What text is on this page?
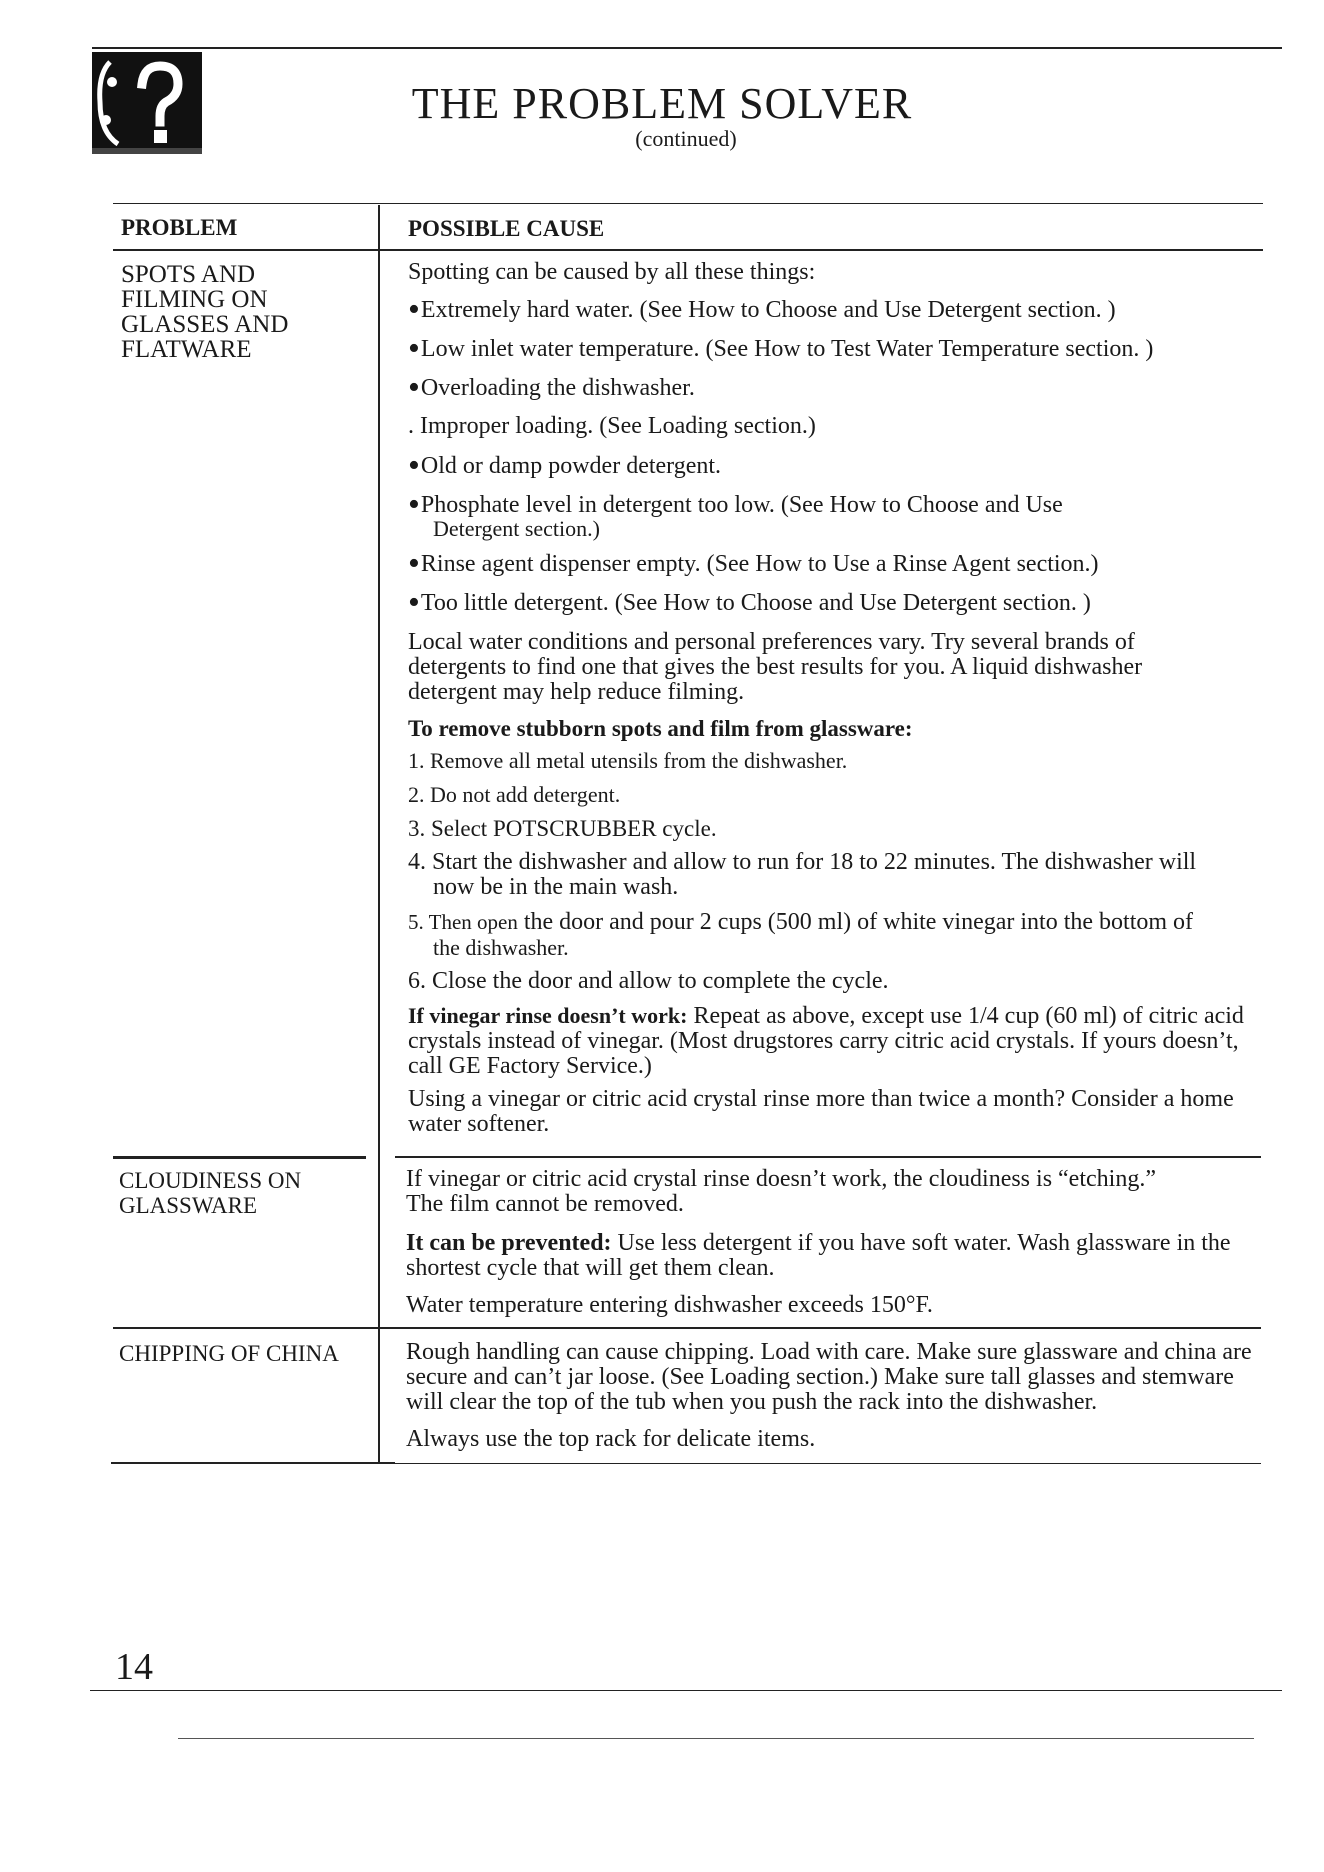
THE PROBLEM SOLVER
(continued)
PROBLEM	POSSIBLE CAUSE
SPOTS AND
FILMING ON
GLASSES AND
FLATWARE

Spotting can be caused by all these things:

•Extremely hard water. (See How to Choose and Use Detergent section. )

•Low inlet water temperature. (See How to Test Water Temperature section. )

•Overloading the dishwasher.

. Improper loading. (See Loading section.)

•Old or damp powder detergent.

•Phosphate level in detergent too low. (See How to Choose and Use

Detergent section.)

•Rinse agent dispenser empty. (See How to Use a Rinse Agent section.)

•Too little detergent. (See How to Choose and Use Detergent section. )

Local water conditions and personal preferences vary. Try several brands of detergents to find one that gives the best results for you. A liquid dishwasher detergent may help reduce filming.

To remove stubborn spots and film from glassware:

1. Remove all metal utensils from the dishwasher.

2. Do not add detergent.

3. Select POTSCRUBBER cycle.

4. Start the dishwasher and allow to run for 18 to 22 minutes. The dishwasher will

now be in the main wash.

5. Then open the door and pour 2 cups (500 ml) of white vinegar into the bottom of

the dishwasher.

6. Close the door and allow to complete the cycle.

If vinegar rinse doesn’t work: Repeat as above, except use 1/4 cup (60 ml) of citric acid crystals instead of vinegar. (Most drugstores carry citric acid crystals. If yours doesn’t, call GE Factory Service.)

Using a vinegar or citric acid crystal rinse more than twice a month? Consider a home water softener.

CLOUDINESS ON
GLASSWARE

If vinegar or citric acid crystal rinse doesn’t work, the cloudiness is “etching.”

The film cannot be removed.

It can be prevented: Use less detergent if you have soft water. Wash glassware in the shortest cycle that will get them clean.

Water temperature entering dishwasher exceeds 150°F.

CHIPPING OF CHINA	Rough handling can cause chipping. Load with care. Make sure glassware and china are secure and can’t jar loose. (See Loading section.) Make sure tall glasses and stemware will clear the top of the tub when you push the rack into the dishwasher.

Always use the top rack for delicate items.

14
